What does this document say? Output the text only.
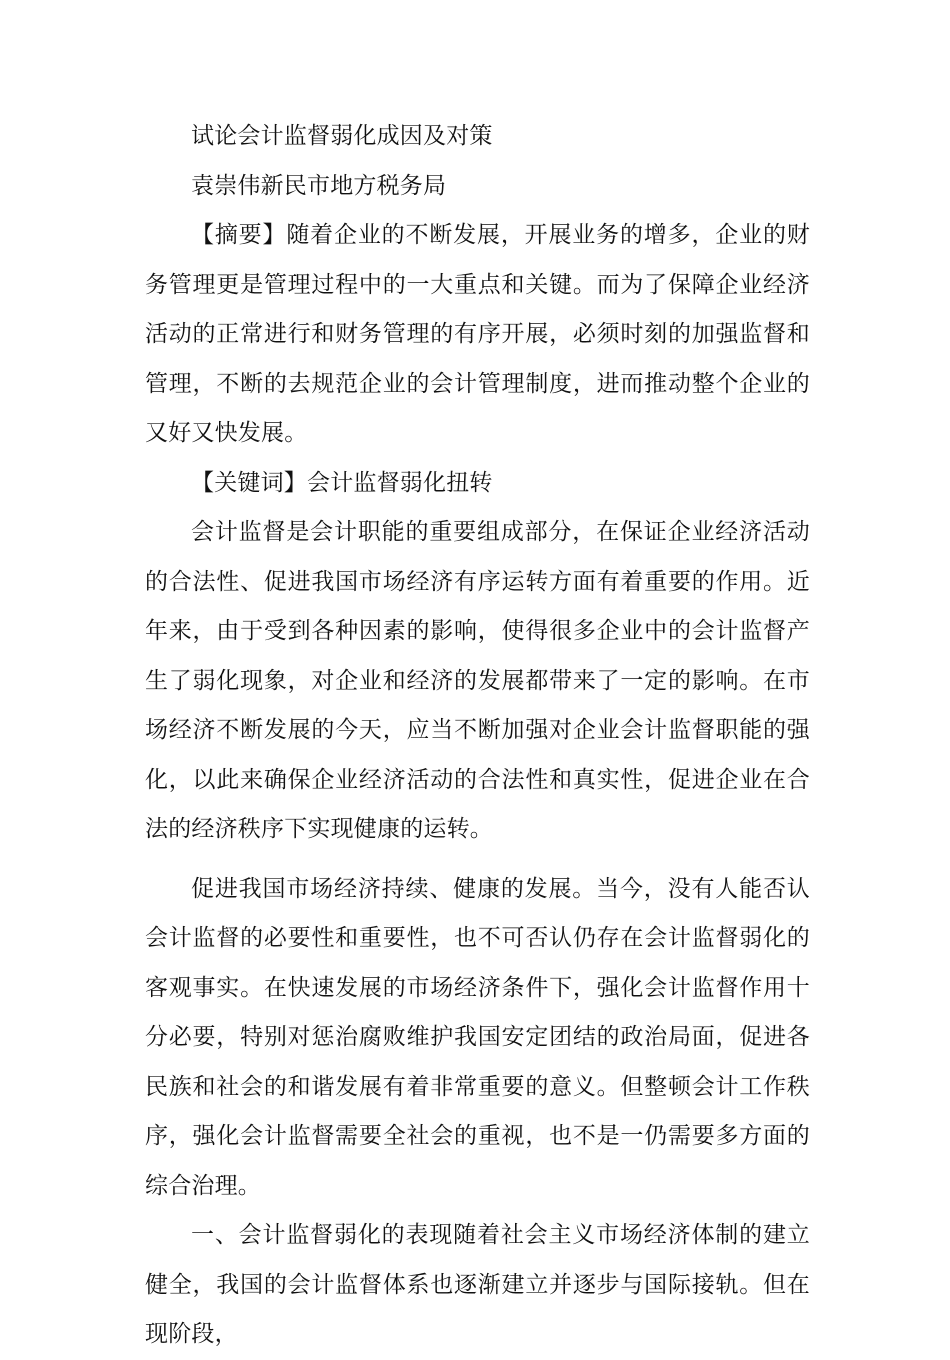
试论会计监督弱化成因及对策

袁崇伟新民市地方税务局

【摘要】随着企业的不断发展，开展业务的增多，企业的财务管理更是管理过程中的一大重点和关键。而为了保障企业经济活动的正常进行和财务管理的有序开展，必须时刻的加强监督和管理，不断的去规范企业的会计管理制度，进而推动整个企业的又好又快发展。

【关键词】会计监督弱化扭转

会计监督是会计职能的重要组成部分，在保证企业经济活动的合法性、促进我国市场经济有序运转方面有着重要的作用。近年来，由于受到各种因素的影响，使得很多企业中的会计监督产生了弱化现象，对企业和经济的发展都带来了一定的影响。在市场经济不断发展的今天，应当不断加强对企业会计监督职能的强化，以此来确保企业经济活动的合法性和真实性，促进企业在合法的经济秩序下实现健康的运转。

促进我国市场经济持续、健康的发展。当今，没有人能否认会计监督的必要性和重要性，也不可否认仍存在会计监督弱化的客观事实。在快速发展的市场经济条件下，强化会计监督作用十分必要，特别对惩治腐败维护我国安定团结的政治局面，促进各民族和社会的和谐发展有着非常重要的意义。但整顿会计工作秩序，强化会计监督需要全社会的重视，也不是一仍需要多方面的综合治理。

一、会计监督弱化的表现随着社会主义市场经济体制的建立健全，我国的会计监督体系也逐渐建立并逐步与国际接轨。但在现阶段，
